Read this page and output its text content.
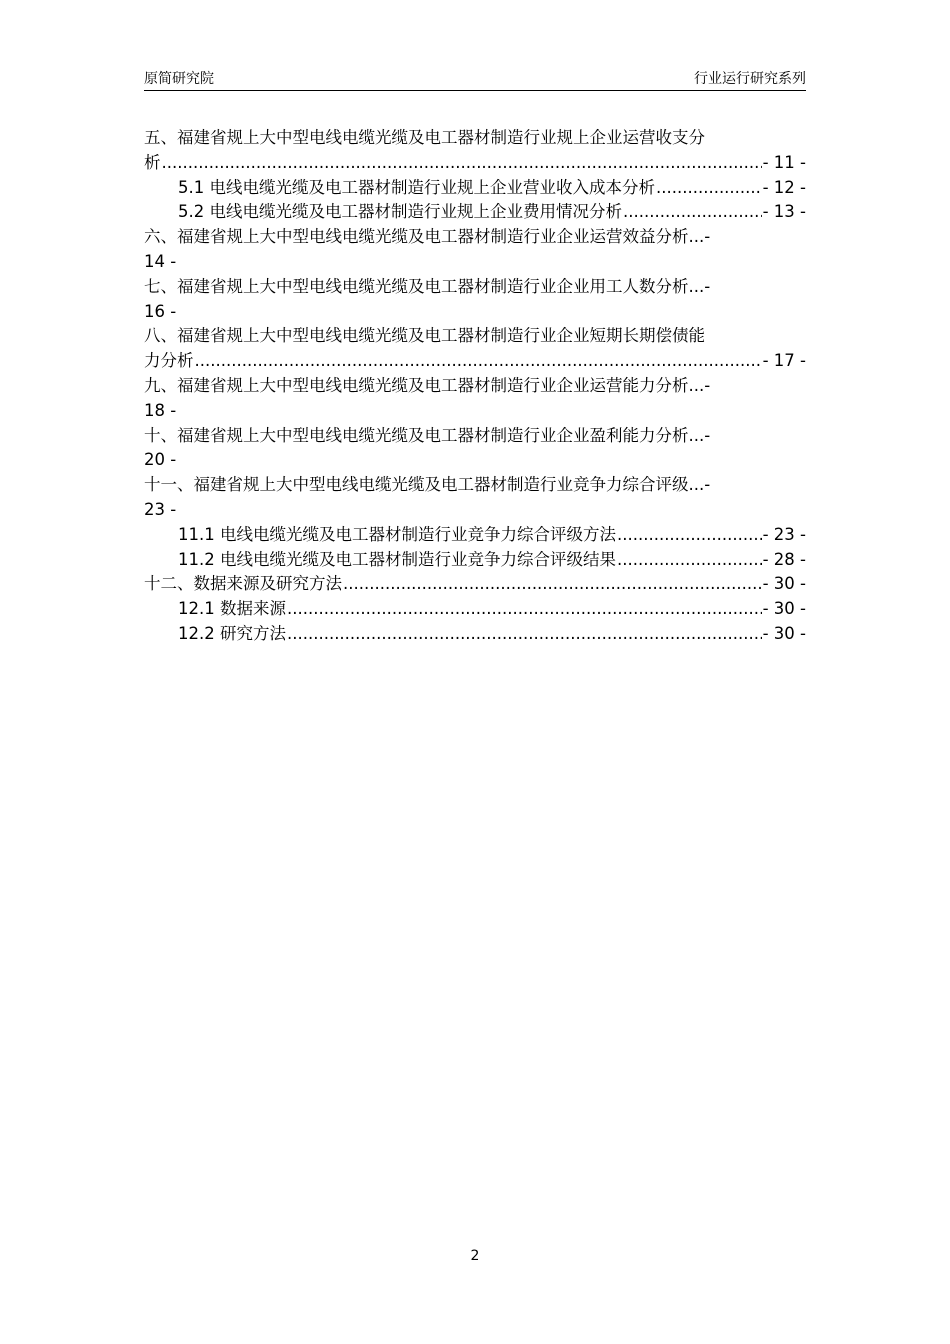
原简研究院	行业运行研究系列
五、福建省规上大中型电线电缆光缆及电工器材制造行业规上企业运营收支分
析 .....	- 11 -
5.1 电线电缆光缆及电工器材制造行业规上企业营业收入成本分析 .....	- 12 -
5.2 电线电缆光缆及电工器材制造行业规上企业费用情况分析 .....	- 13 -
六、福建省规上大中型电线电缆光缆及电工器材制造行业企业运营效益分析...-
14 -
七、福建省规上大中型电线电缆光缆及电工器材制造行业企业用工人数分析...-
16 -
八、福建省规上大中型电线电缆光缆及电工器材制造行业企业短期长期偿债能
力分析 .....	- 17 -
九、福建省规上大中型电线电缆光缆及电工器材制造行业企业运营能力分析...-
18 -
十、福建省规上大中型电线电缆光缆及电工器材制造行业企业盈利能力分析...-
20 -
十一、福建省规上大中型电线电缆光缆及电工器材制造行业竞争力综合评级...-
23 -
11.1 电线电缆光缆及电工器材制造行业竞争力综合评级方法 .....	- 23 -
11.2 电线电缆光缆及电工器材制造行业竞争力综合评级结果 .....	- 28 -
十二、数据来源及研究方法 .....	- 30 -
12.1 数据来源 .....	- 30 -
12.2 研究方法 .....	- 30 -
2
